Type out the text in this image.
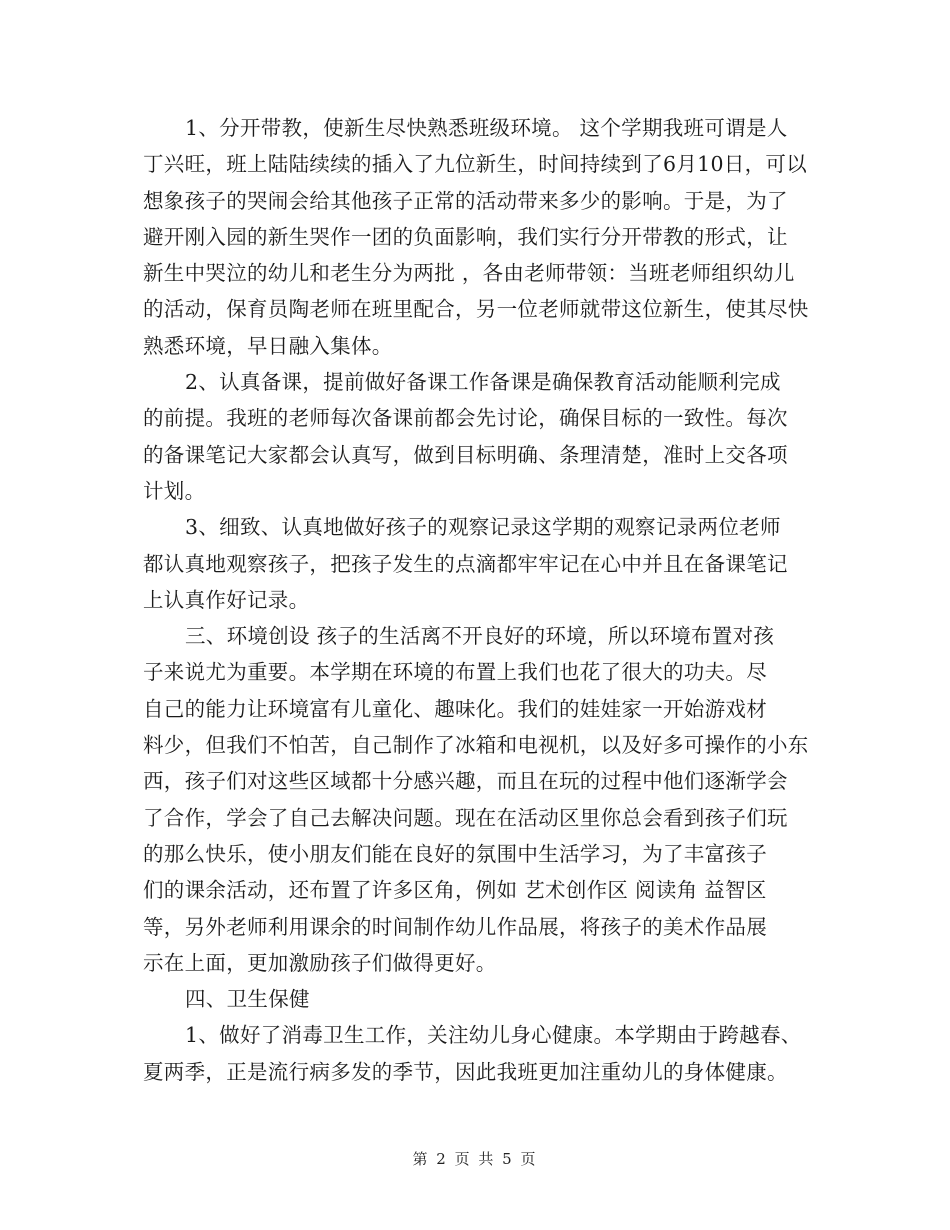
1、分开带教，使新生尽快熟悉班级环境。 这个学期我班可谓是人
丁兴旺，班上陆陆续续的插入了九位新生，时间持续到了6月10日，可以
想象孩子的哭闹会给其他孩子正常的活动带来多少的影响。于是，为了
避开刚入园的新生哭作一团的负面影响，我们实行分开带教的形式，让
新生中哭泣的幼儿和老生分为两批 ，各由老师带领：当班老师组织幼儿
的活动，保育员陶老师在班里配合，另一位老师就带这位新生，使其尽快
熟悉环境，早日融入集体。
2、认真备课，提前做好备课工作备课是确保教育活动能顺利完成
的前提。我班的老师每次备课前都会先讨论，确保目标的一致性。每次
的备课笔记大家都会认真写，做到目标明确、条理清楚，准时上交各项
计划。
3、细致、认真地做好孩子的观察记录这学期的观察记录两位老师
都认真地观察孩子，把孩子发生的点滴都牢牢记在心中并且在备课笔记
上认真作好记录。
三、环境创设 孩子的生活离不开良好的环境，所以环境布置对孩
子来说尤为重要。本学期在环境的布置上我们也花了很大的功夫。尽
自己的能力让环境富有儿童化、趣味化。我们的娃娃家一开始游戏材
料少，但我们不怕苦，自己制作了冰箱和电视机，以及好多可操作的小东
西，孩子们对这些区域都十分感兴趣，而且在玩的过程中他们逐渐学会
了合作，学会了自己去解决问题。现在在活动区里你总会看到孩子们玩
的那么快乐，使小朋友们能在良好的氛围中生活学习，为了丰富孩子
们的课余活动，还布置了许多区角，例如 艺术创作区 阅读角 益智区
等，另外老师利用课余的时间制作幼儿作品展，将孩子的美术作品展
示在上面，更加激励孩子们做得更好。
四、卫生保健
1、做好了消毒卫生工作，关注幼儿身心健康。本学期由于跨越春、
夏两季，正是流行病多发的季节，因此我班更加注重幼儿的身体健康。
第 2 页 共 5 页
